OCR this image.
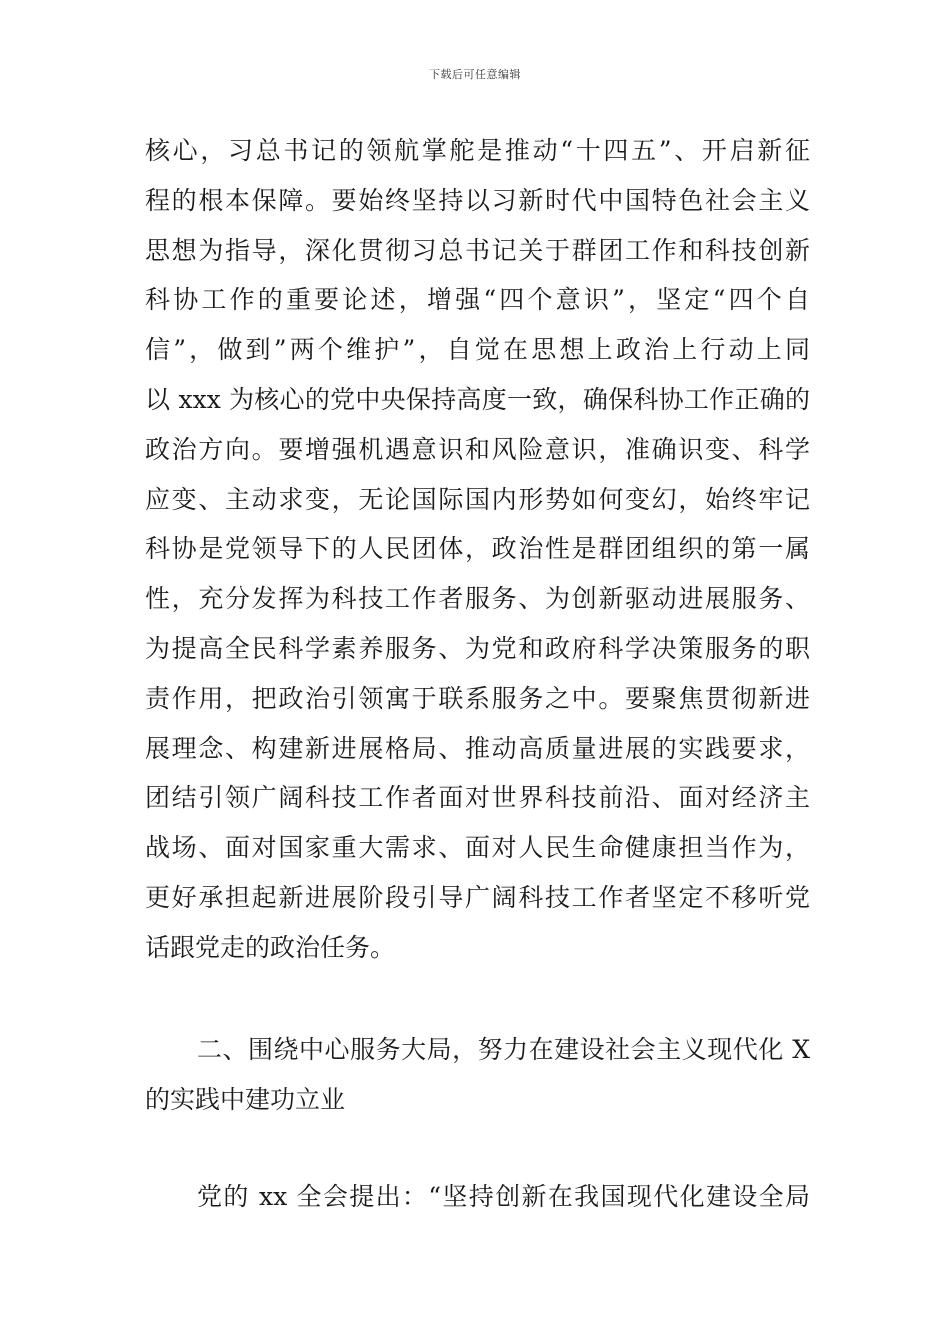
下载后可任意编辑
核心，习总书记的领航掌舵是推动“十四五”、开启新征
程的根本保障。要始终坚持以习新时代中国特色社会主义
思想为指导，深化贯彻习总书记关于群团工作和科技创新
科协工作的重要论述，增强“四个意识”，坚定“四个自
信”，做到”两个维护”，自觉在思想上政治上行动上同
以 xxx 为核心的党中央保持高度一致，确保科协工作正确的
政治方向。要增强机遇意识和风险意识，准确识变、科学
应变、主动求变，无论国际国内形势如何变幻，始终牢记
科协是党领导下的人民团体，政治性是群团组织的第一属
性，充分发挥为科技工作者服务、为创新驱动进展服务、
为提高全民科学素养服务、为党和政府科学决策服务的职
责作用，把政治引领寓于联系服务之中。要聚焦贯彻新进
展理念、构建新进展格局、推动高质量进展的实践要求，
团结引领广阔科技工作者面对世界科技前沿、面对经济主
战场、面对国家重大需求、面对人民生命健康担当作为，
更好承担起新进展阶段引导广阔科技工作者坚定不移听党
话跟党走的政治任务。
二、围绕中心服务大局，努力在建设社会主义现代化 X
的实践中建功立业
党的 xx 全会提出：“坚持创新在我国现代化建设全局
